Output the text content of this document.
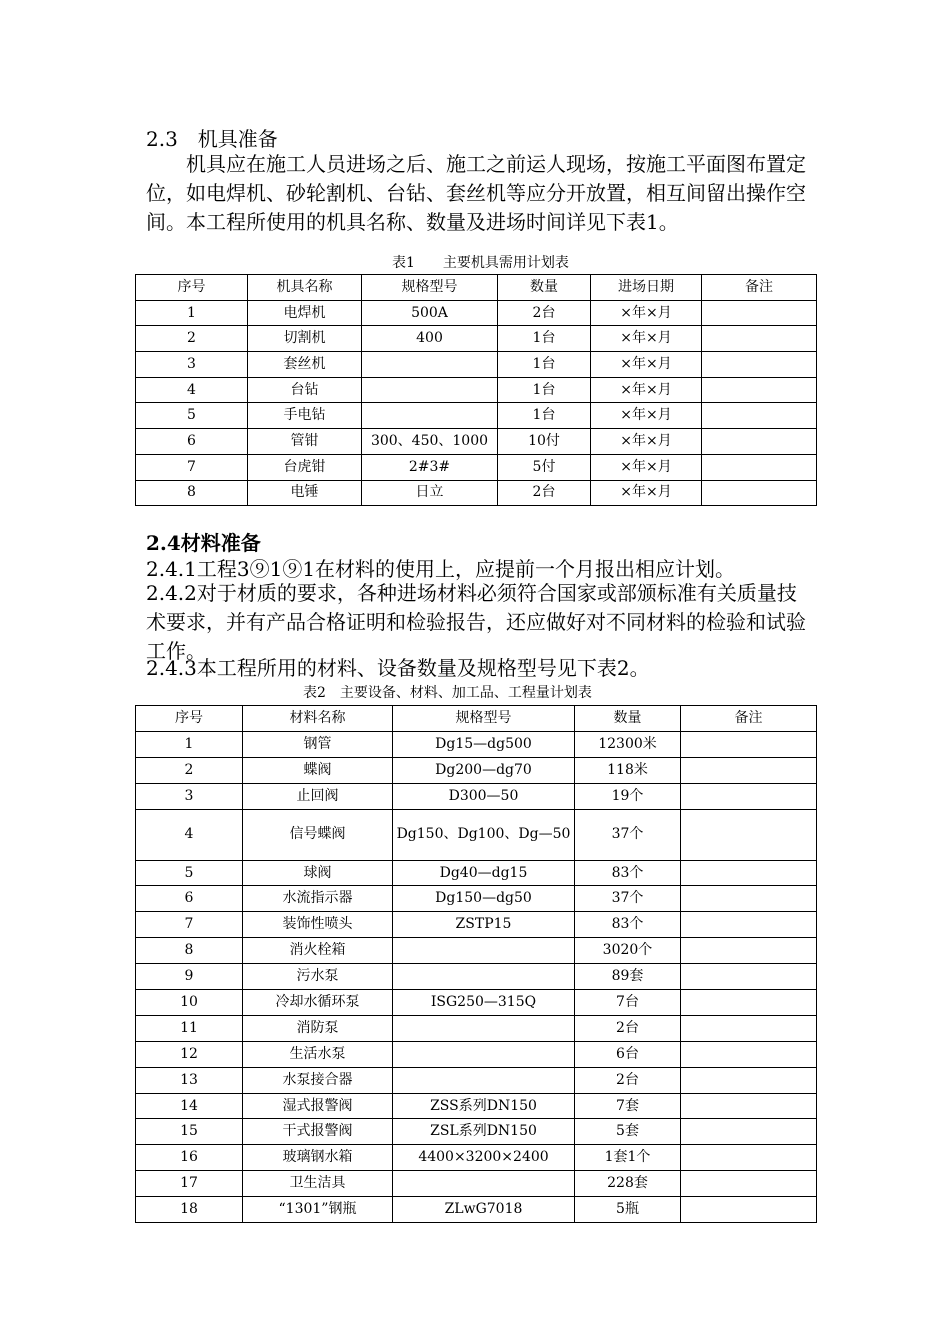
2.3　机具准备
机具应在施工人员进场之后、施工之前运人现场，按施工平面图布置定位，如电焊机、砂轮割机、台钻、套丝机等应分开放置，相互间留出操作空间。本工程所使用的机具名称、数量及进场时间详见下表1。
表1　　主要机具需用计划表
序号	机具名称	规格型号	数量	进场日期	备注
1	电焊机	500A	2台	×年×月	
2	切割机	400	1台	×年×月	
3	套丝机		1台	×年×月	
4	台钻		1台	×年×月	
5	手电钻		1台	×年×月	
6	管钳	300、450、1000	10付	×年×月	
7	台虎钳	2#3#	5付	×年×月	
8	电锤	日立	2台	×年×月	
2.4材料准备
2.4.1工程3⑨1⑨1在材料的使用上，应提前一个月报出相应计划。
2.4.2对于材质的要求，各种进场材料必须符合国家或部颁标准有关质量技术要求，并有产品合格证明和检验报告，还应做好对不同材料的检验和试验工作。
2.4.3本工程所用的材料、设备数量及规格型号见下表2。
表2　主要设备、材料、加工品、工程量计划表
序号	材料名称	规格型号	数量	备注
1	钢管	Dg15—dg500	12300米	
2	蝶阀	Dg200—dg70	118米	
3	止回阀	D300—50	19个	
4	信号蝶阀	Dg150、Dg100、Dg—50	37个	
5	球阀	Dg40—dg15	83个	
6	水流指示器	Dg150—dg50	37个	
7	装饰性喷头	ZSTP15	83个	
8	消火栓箱		3020个	
9	污水泵		89套	
10	冷却水循环泵	ISG250—315Q	7台	
11	消防泵		2台	
12	生活水泵		6台	
13	水泵接合器		2台	
14	湿式报警阀	ZSS系列DN150	7套	
15	干式报警阀	ZSL系列DN150	5套	
16	玻璃钢水箱	4400×3200×2400	1套1个	
17	卫生洁具		228套	
18	“1301”钢瓶	ZLwG7018	5瓶	
